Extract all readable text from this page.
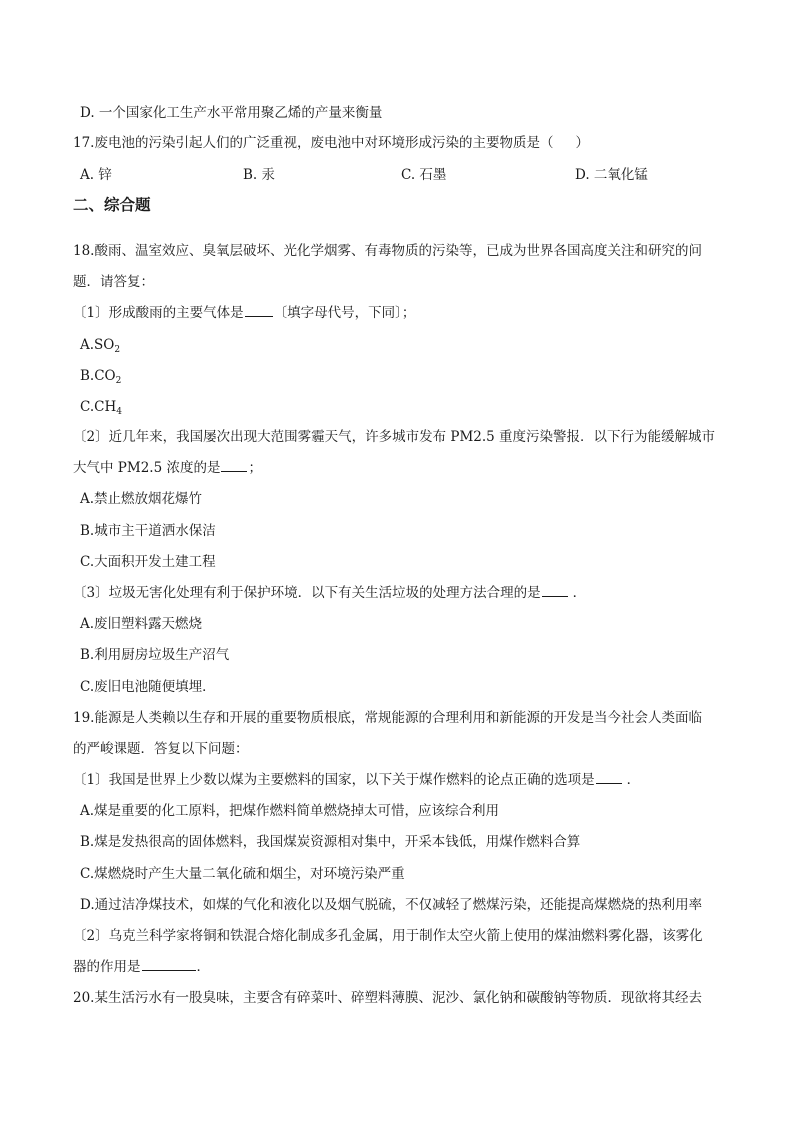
D. 一个国家化工生产水平常用聚乙烯的产量来衡量
17.废电池的污染引起人们的广泛重视，废电池中对环境形成污染的主要物质是（ ）
A. 锌	B. 汞	C. 石墨	D. 二氧化锰
二、综合题
18.酸雨、温室效应、臭氧层破坏、光化学烟雾、有毒物质的污染等，已成为世界各国高度关注和研究的问
题．请答复：
〔1〕形成酸雨的主要气体是 〔填字母代号，下同〕；
$A.SO_2$
$B.CO_2$
$C.CH_4$
〔2〕近几年来，我国屡次出现大范围雾霾天气，许多城市发布 PM2.5 重度污染警报．以下行为能缓解城市
大气中 PM2.5 浓度的是 ；
A.禁止燃放烟花爆竹
B.城市主干道洒水保洁
C.大面积开发土建工程
〔3〕垃圾无害化处理有利于保护环境．以下有关生活垃圾的处理方法合理的是 ．
A.废旧塑料露天燃烧
B.利用厨房垃圾生产沼气
C.废旧电池随便填埋．
19.能源是人类赖以生存和开展的重要物质根底，常规能源的合理利用和新能源的开发是当今社会人类面临
的严峻课题．答复以下问题：
〔1〕我国是世界上少数以煤为主要燃料的国家，以下关于煤作燃料的论点正确的选项是 ．
A.煤是重要的化工原料，把煤作燃料简单燃烧掉太可惜，应该综合利用
B.煤是发热很高的固体燃料，我国煤炭资源相对集中，开采本钱低，用煤作燃料合算
C.煤燃烧时产生大量二氧化硫和烟尘，对环境污染严重
D.通过洁净煤技术，如煤的气化和液化以及烟气脱硫，不仅减轻了燃煤污染，还能提高煤燃烧的热利用率
〔2〕乌克兰科学家将铜和铁混合熔化制成多孔金属，用于制作太空火箭上使用的煤油燃料雾化器，该雾化
器的作用是	．
20.某生活污水有一股臭味，主要含有碎菜叶、碎塑料薄膜、泥沙、氯化钠和碳酸钠等物质．现欲将其经去
